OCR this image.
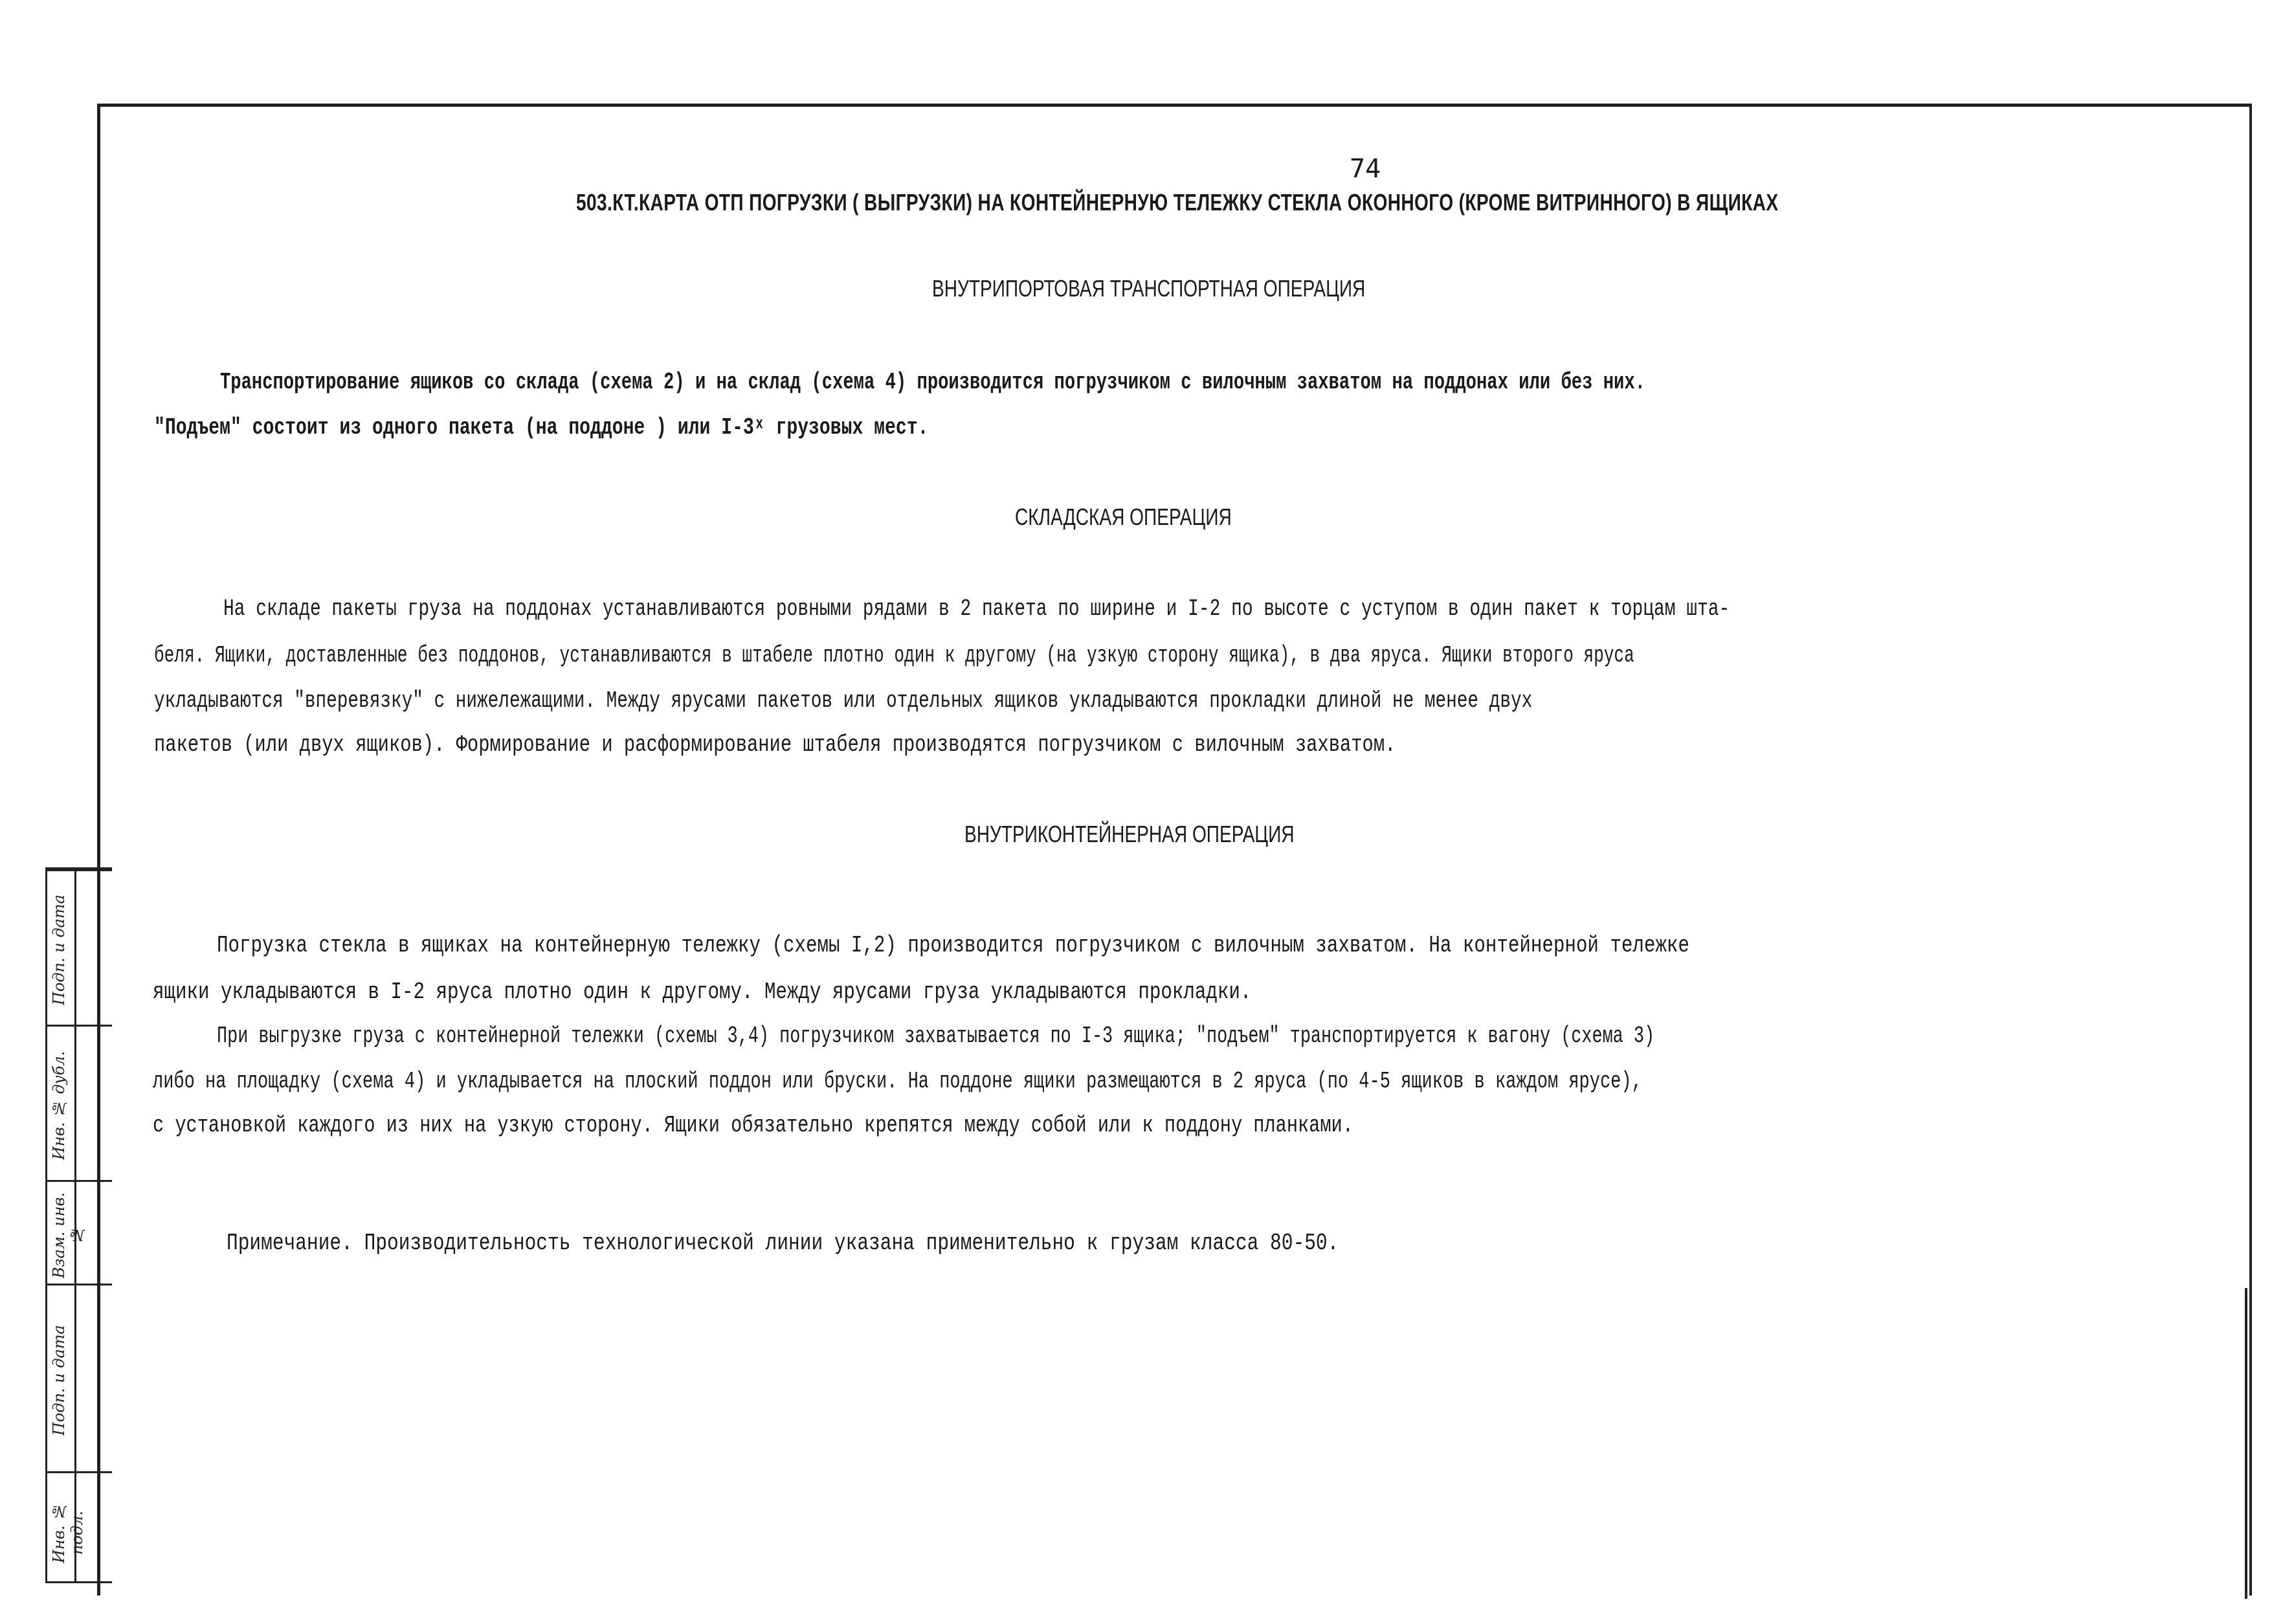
74
503.КТ.КАРТА ОТП ПОГРУЗКИ ( ВЫГРУЗКИ) НА КОНТЕЙНЕРНУЮ ТЕЛЕЖКУ СТЕКЛА ОКОННОГО (КРОМЕ ВИТРИННОГО) В ЯЩИКАХ
ВНУТРИПОРТОВАЯ ТРАНСПОРТНАЯ ОПЕРАЦИЯ
Транспортирование ящиков со склада (схема 2) и на склад (схема 4) производится погрузчиком с вилочным захватом на поддонах или без них.
"Подъем" состоит из одного пакета (на поддоне ) или I-3ˣ грузовых мест.
СКЛАДСКАЯ ОПЕРАЦИЯ
На складе пакеты груза на поддонах устанавливаются ровными рядами в 2 пакета по ширине и I-2 по высоте с уступом в один пакет к торцам шта-
беля. Ящики, доставленные без поддонов, устанавливаются в штабеле плотно один к другому (на узкую сторону ящика), в два яруса. Ящики второго яруса
укладываются "вперевязку" с нижележащими. Между ярусами пакетов или отдельных ящиков укладываются прокладки длиной не менее двух
пакетов (или двух ящиков). Формирование и расформирование штабеля производятся погрузчиком с вилочным захватом.
ВНУТРИКОНТЕЙНЕРНАЯ ОПЕРАЦИЯ
Погрузка стекла в ящиках на контейнерную тележку (схемы I,2) производится погрузчиком с вилочным захватом. На контейнерной тележке
ящики укладываются в I-2 яруса плотно один к другому. Между ярусами груза укладываются прокладки.
При выгрузке груза с контейнерной тележки (схемы 3,4) погрузчиком захватывается по I-3 ящика; "подъем" транспортируется к вагону (схема 3)
либо на площадку (схема 4) и укладывается на плоский поддон или бруски. На поддоне ящики размещаются в 2 яруса (по 4-5 ящиков в каждом ярусе),
с установкой каждого из них на узкую сторону. Ящики обязательно крепятся между собой или к поддону планками.
Примечание. Производительность технологической линии указана применительно к грузам класса 80-50.
Инв. № подл.
Подп. и дата
Взам. инв. №
Инв. № дубл.
Подп. и дата
